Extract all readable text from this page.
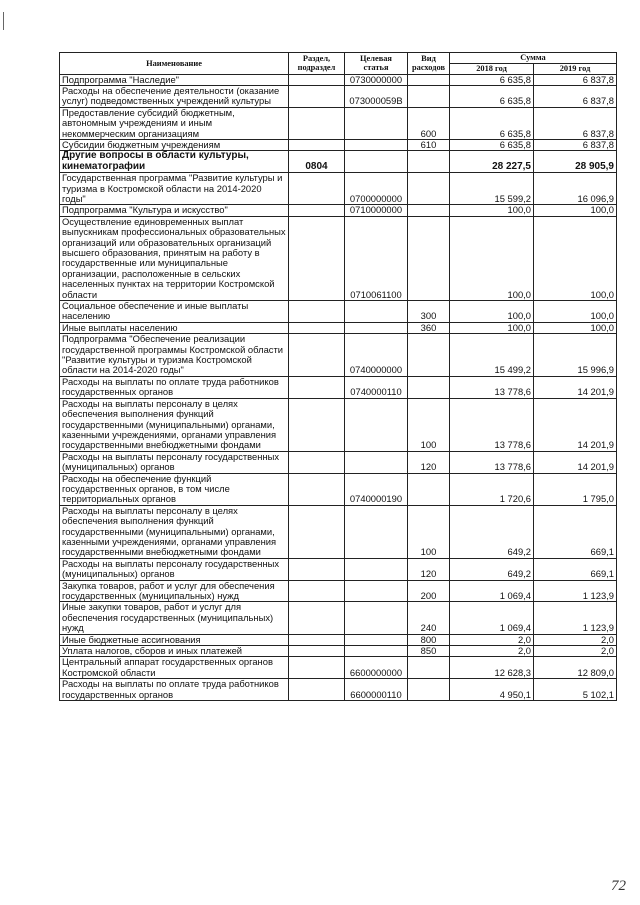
Наименование	Раздел, подраздел	Целевая статья	Вид расходов	Сумма	
				2018 год	2019 год
Подпрограмма "Наследие"		0730000000		6 635,8	6 837,8
Расходы на обеспечение деятельности (оказание услуг) подведомственных учреждений культуры		073000059В		6 635,8	6 837,8
Предоставление субсидий бюджетным, автономным учреждениям и иным некоммерческим организациям			600	6 635,8	6 837,8
Субсидии бюджетным учреждениям			610	6 635,8	6 837,8
Другие вопросы в области культуры, кинематографии	0804			28 227,5	28 905,9
Государственная программа "Развитие культуры и туризма в Костромской области на 2014-2020 годы"		0700000000		15 599,2	16 096,9
Подпрограмма "Культура и искусство"		0710000000		100,0	100,0
Осуществление единовременных выплат выпускникам профессиональных образовательных организаций или образовательных организаций высшего образования, принятым на работу в государственные или муниципальные организации, расположенные в сельских населенных пунктах на территории Костромской области		0710061100		100,0	100,0
Социальное обеспечение и иные выплаты населению			300	100,0	100,0
Иные выплаты населению			360	100,0	100,0
Подпрограмма "Обеспечение реализации государственной программы Костромской области "Развитие культуры и туризма Костромской области на 2014-2020 годы"		0740000000		15 499,2	15 996,9
Расходы на выплаты по оплате труда работников государственных органов		0740000110		13 778,6	14 201,9
Расходы на выплаты персоналу в целях обеспечения выполнения функций государственными (муниципальными) органами, казенными учреждениями, органами управления государственными внебюджетными фондами			100	13 778,6	14 201,9
Расходы на выплаты персоналу государственных (муниципальных) органов			120	13 778,6	14 201,9
Расходы на обеспечение функций государственных органов, в том числе территориальных органов		0740000190		1 720,6	1 795,0
Расходы на выплаты персоналу в целях обеспечения выполнения функций государственными (муниципальными) органами, казенными учреждениями, органами управления государственными внебюджетными фондами			100	649,2	669,1
Расходы на выплаты персоналу государственных (муниципальных) органов			120	649,2	669,1
Закупка товаров, работ и услуг для обеспечения государственных (муниципальных) нужд			200	1 069,4	1 123,9
Иные закупки товаров, работ и услуг для обеспечения государственных (муниципальных) нужд			240	1 069,4	1 123,9
Иные бюджетные ассигнования			800	2,0	2,0
Уплата налогов, сборов и иных платежей			850	2,0	2,0
Центральный аппарат государственных органов Костромской области		6600000000		12 628,3	12 809,0
Расходы на выплаты по оплате труда работников государственных органов		6600000110		4 950,1	5 102,1
72
